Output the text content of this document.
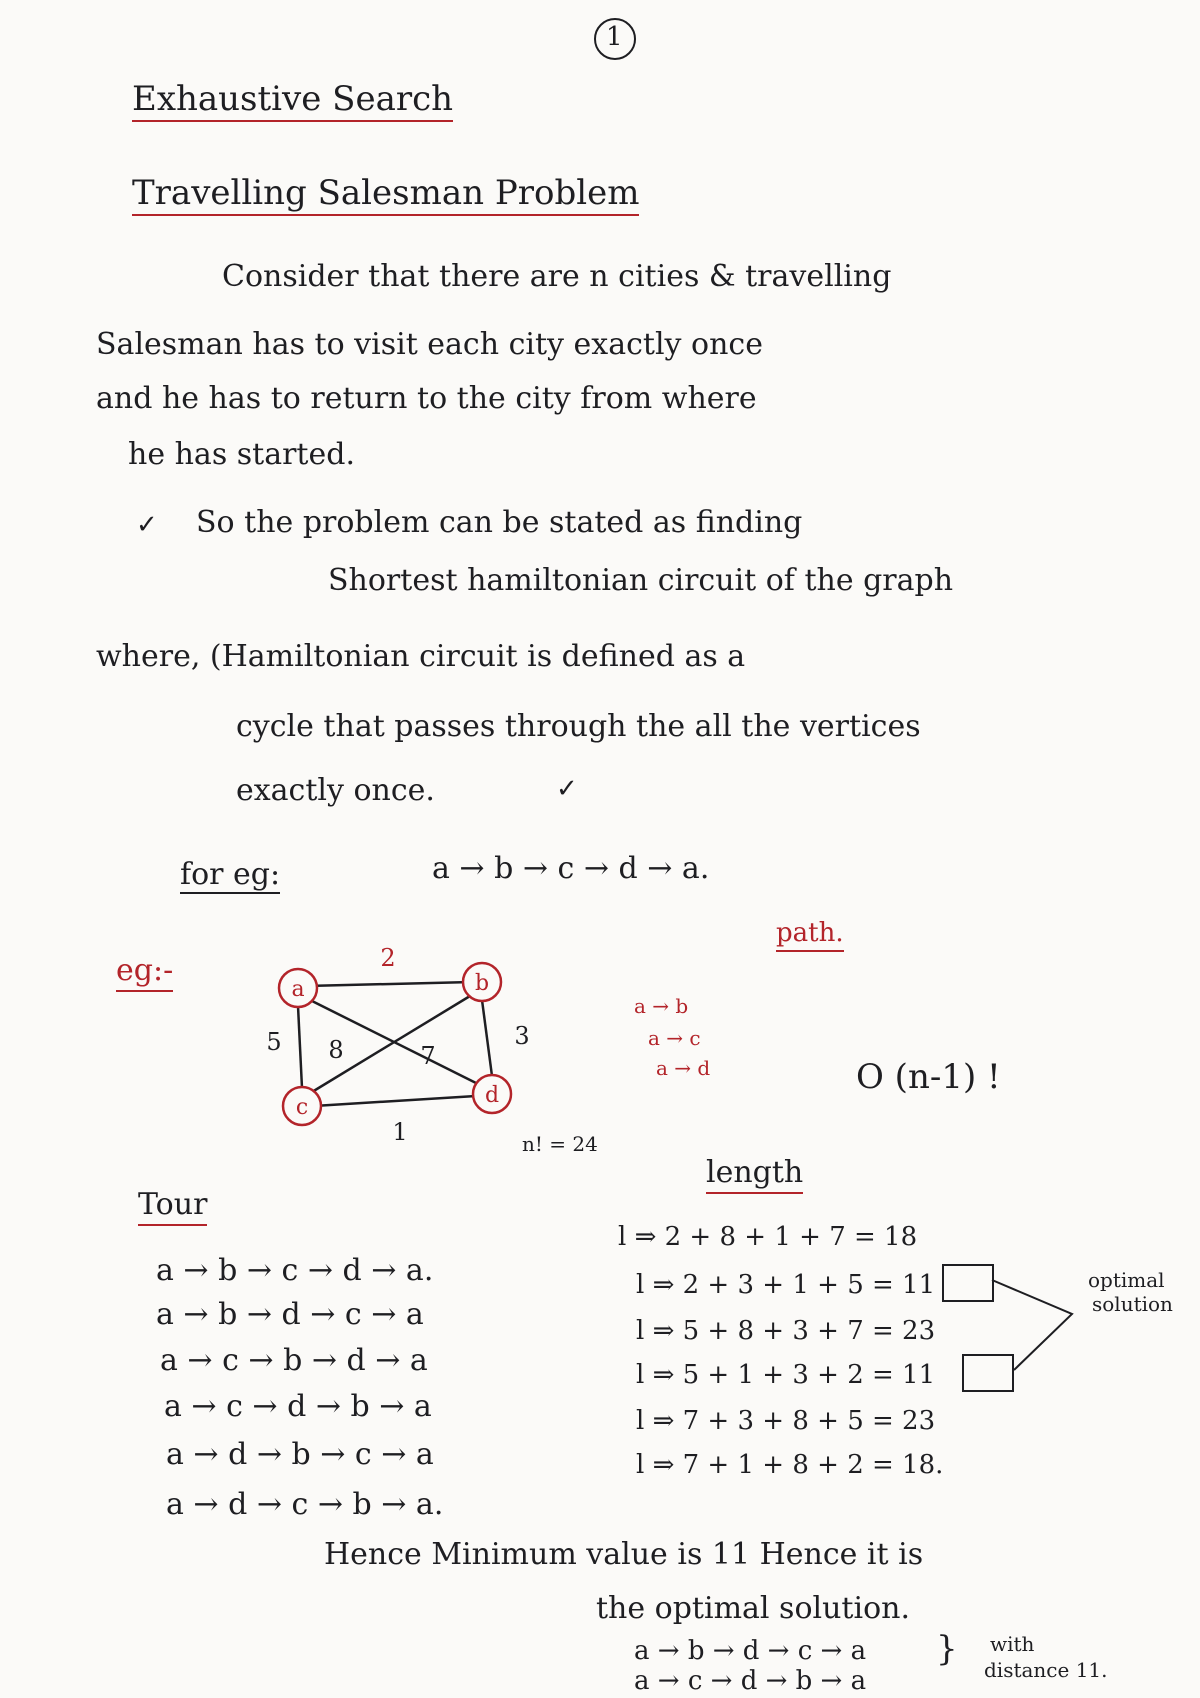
1
Exhaustive Search
Travelling Salesman Problem
Consider that there are n cities & travelling
Salesman has to visit each city exactly once
and he has to return to the city from where
he has started.
✓ So the problem can be stated as finding
Shortest hamiltonian circuit of the graph
where, (Hamiltonian circuit is defined as a
cycle that passes through the all the vertices
exactly once.	✓
for eg:	a → b → c → d → a.
eg:-
a	b
c	d
2
3
5 8	7
1
path.
a → b
a → c
a → d
n! = 24
O (n-1) !
Tour
length
a → b → c → d → a.
a → b → d → c → a
a → c → b → d → a
a → c → d → b → a
a → d → b → c → a
a → d → c → b → a.
l ⇒ 2 + 8 + 1 + 7 = 18
l ⇒ 2 + 3 + 1 + 5 = 11
l ⇒ 5 + 8 + 3 + 7 = 23
l ⇒ 5 + 1 + 3 + 2 = 11
l ⇒ 7 + 3 + 8 + 5 = 23
l ⇒ 7 + 1 + 8 + 2 = 18.
optimal
solution
Hence Minimum value is 11 Hence it is
the optimal solution.
a → b → d → c → a
a → c → d → b → a
} with
distance 11.
